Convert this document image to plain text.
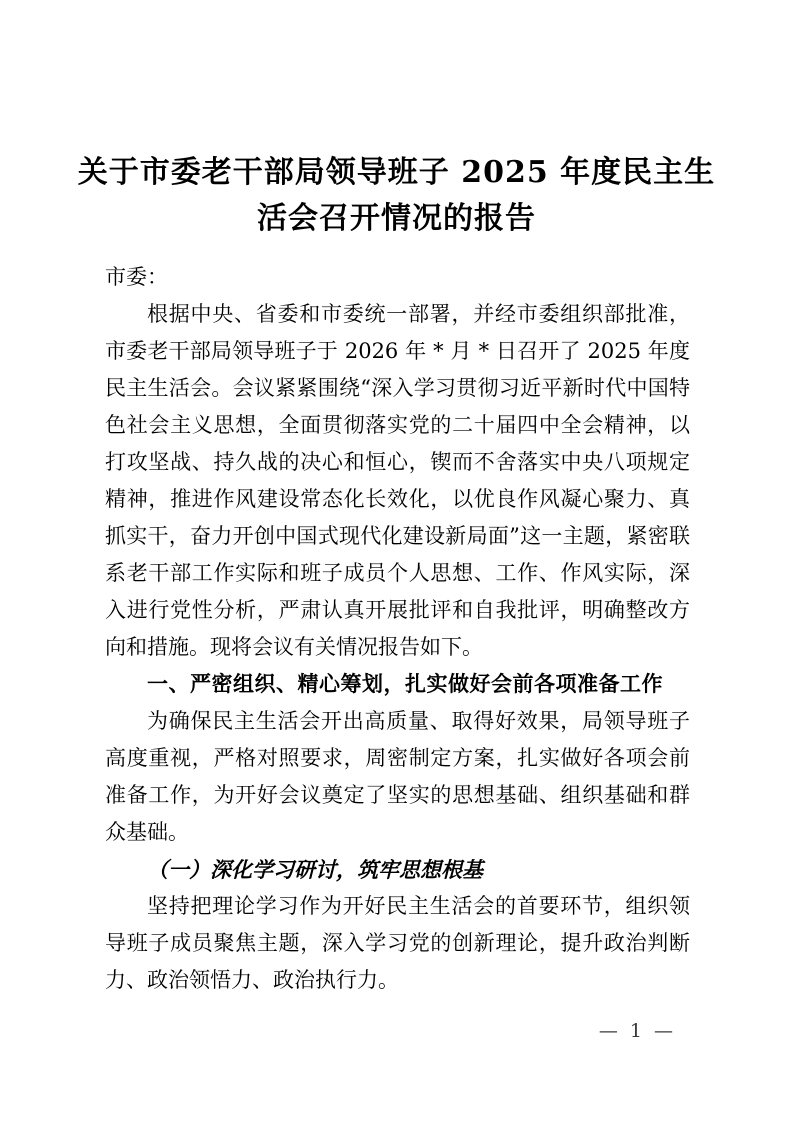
关于市委老干部局领导班子 2025 年度民主生
活会召开情况的报告

市委：

根据中央、省委和市委统一部署，并经市委组织部批准，市委老干部局领导班子于 2026 年 * 月 * 日召开了 2025 年度民主生活会。会议紧紧围绕“深入学习贯彻习近平新时代中国特色社会主义思想，全面贯彻落实党的二十届四中全会精神，以打攻坚战、持久战的决心和恒心，锲而不舍落实中央八项规定精神，推进作风建设常态化长效化，以优良作风凝心聚力、真抓实干，奋力开创中国式现代化建设新局面”这一主题，紧密联系老干部工作实际和班子成员个人思想、工作、作风实际，深入进行党性分析，严肃认真开展批评和自我批评，明确整改方向和措施。现将会议有关情况报告如下。

一、严密组织、精心筹划，扎实做好会前各项准备工作

为确保民主生活会开出高质量、取得好效果，局领导班子高度重视，严格对照要求，周密制定方案，扎实做好各项会前准备工作，为开好会议奠定了坚实的思想基础、组织基础和群众基础。

（一）深化学习研讨，筑牢思想根基

坚持把理论学习作为开好民主生活会的首要环节，组织领导班子成员聚焦主题，深入学习党的创新理论，提升政治判断力、政治领悟力、政治执行力。

— 1 —
